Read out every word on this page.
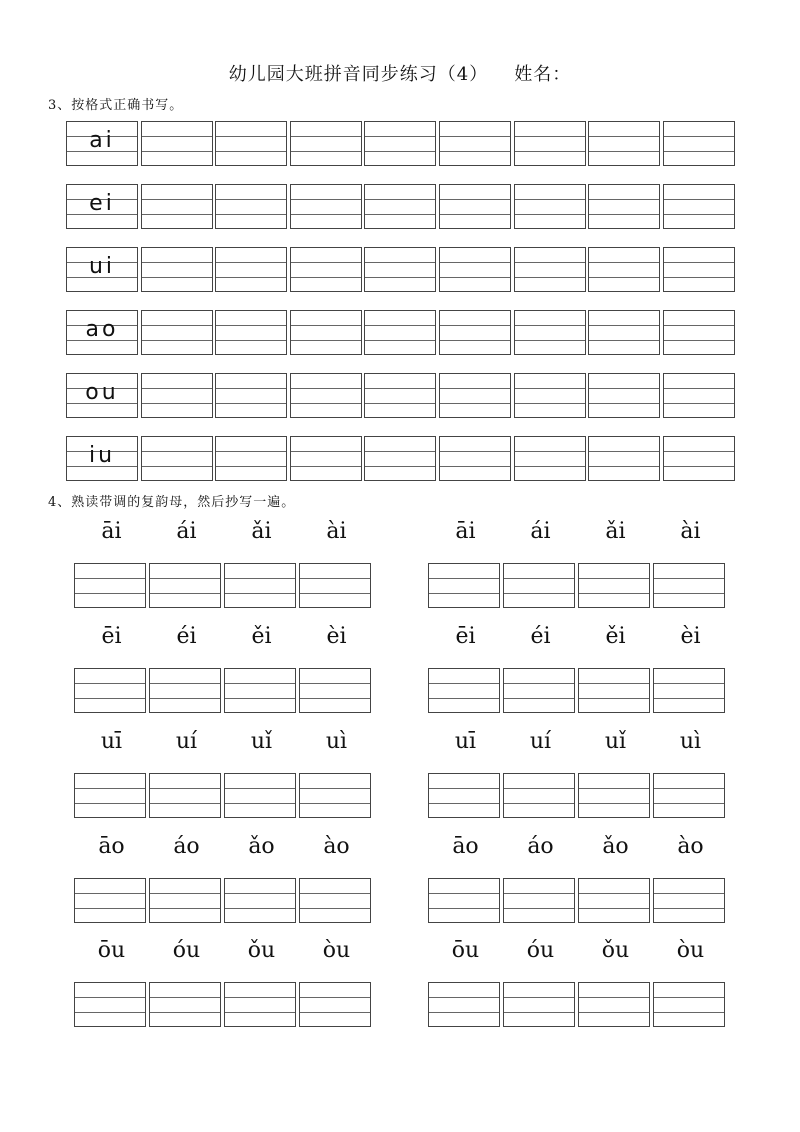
幼儿园大班拼音同步练习（4） 姓名：
3、按格式正确书写。
ai
ei
ui
ao
ou
iu
4、熟读带调的复韵母，然后抄写一遍。
āi	ái	ǎi	ài	āi	ái	ǎi	ài
ēi	éi	ěi	èi	ēi	éi	ěi	èi
uī	uí	uǐ	uì	uī	uí	uǐ	uì
āo	áo	ǎo	ào	āo	áo	ǎo	ào
ōu	óu	ǒu	òu	ōu	óu	ǒu	òu
